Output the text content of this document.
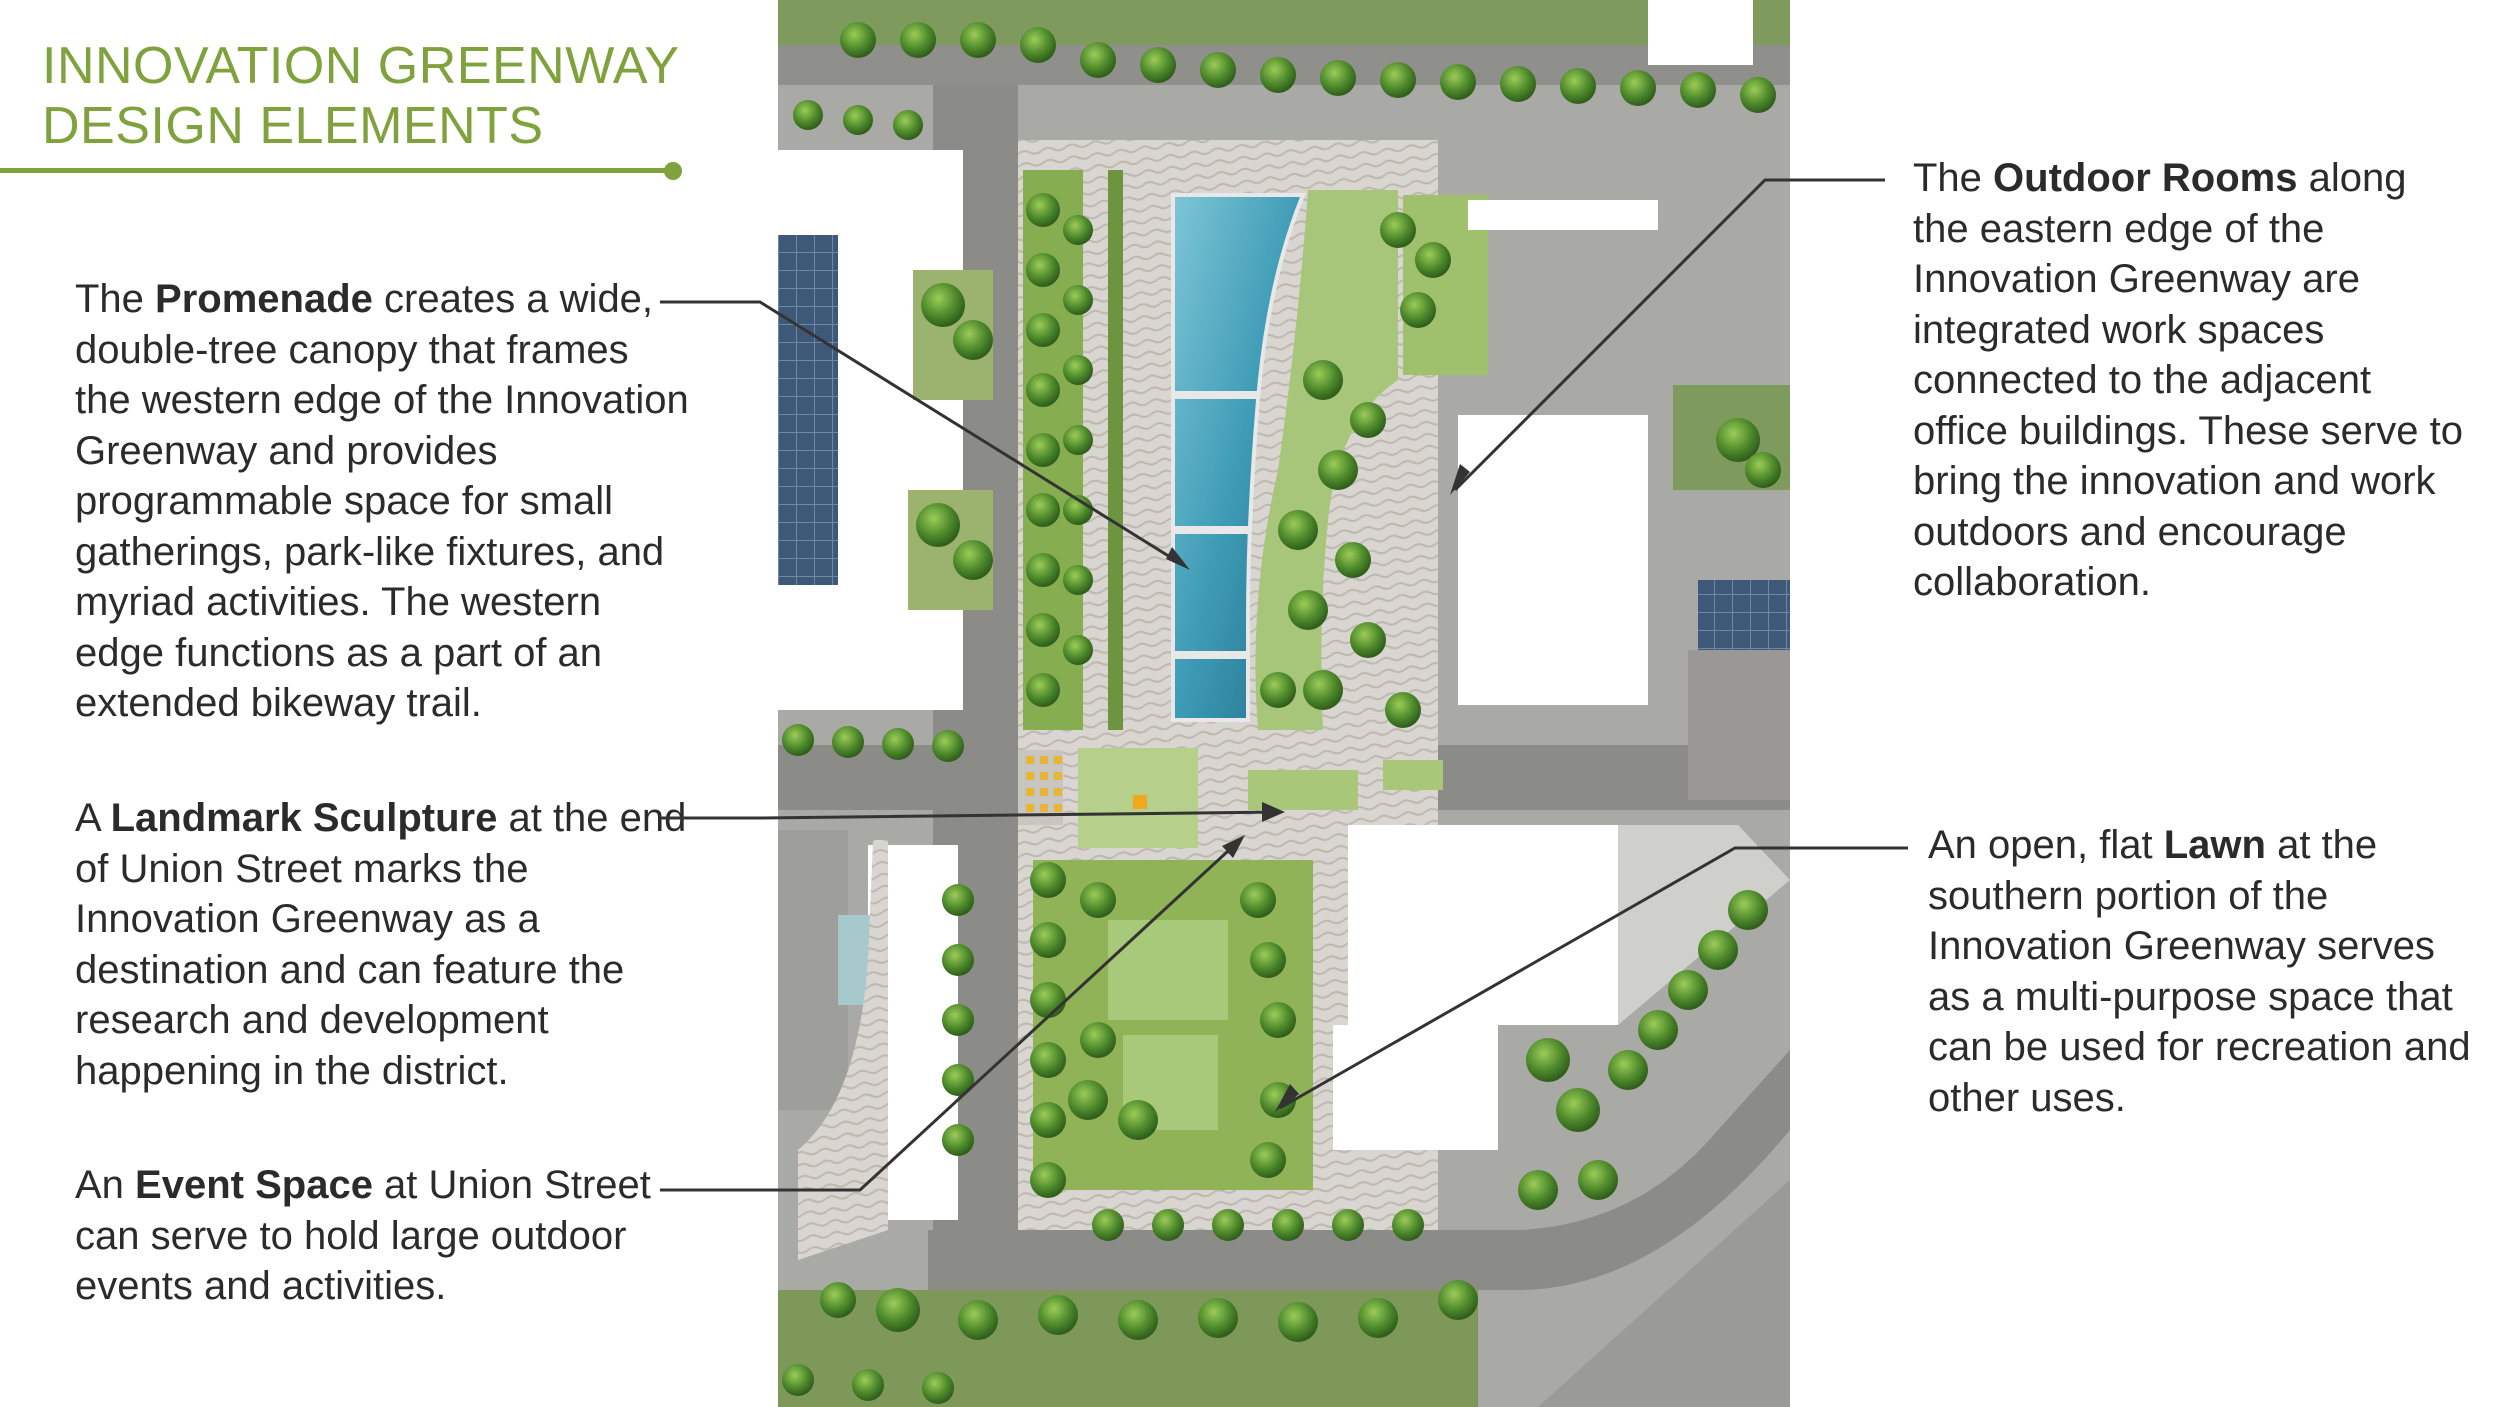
INNOVATION GREENWAY
DESIGN ELEMENTS

The Promenade creates a wide, double-tree canopy that frames the western edge of the Innovation Greenway and provides programmable space for small gatherings, park-like fixtures, and myriad activities. The western edge functions as a part of an extended bikeway trail.

A Landmark Sculpture at the end of Union Street marks the Innovation Greenway as a destination and can feature the research and development happening in the district.

An Event Space at Union Street can serve to hold large outdoor events and activities.

The Outdoor Rooms along the eastern edge of the Innovation Greenway are integrated work spaces connected to the adjacent office buildings. These serve to bring the innovation and work outdoors and encourage collaboration.

An open, flat Lawn at the southern portion of the Innovation Greenway serves as a multi-purpose space that can be used for recreation and other uses.
